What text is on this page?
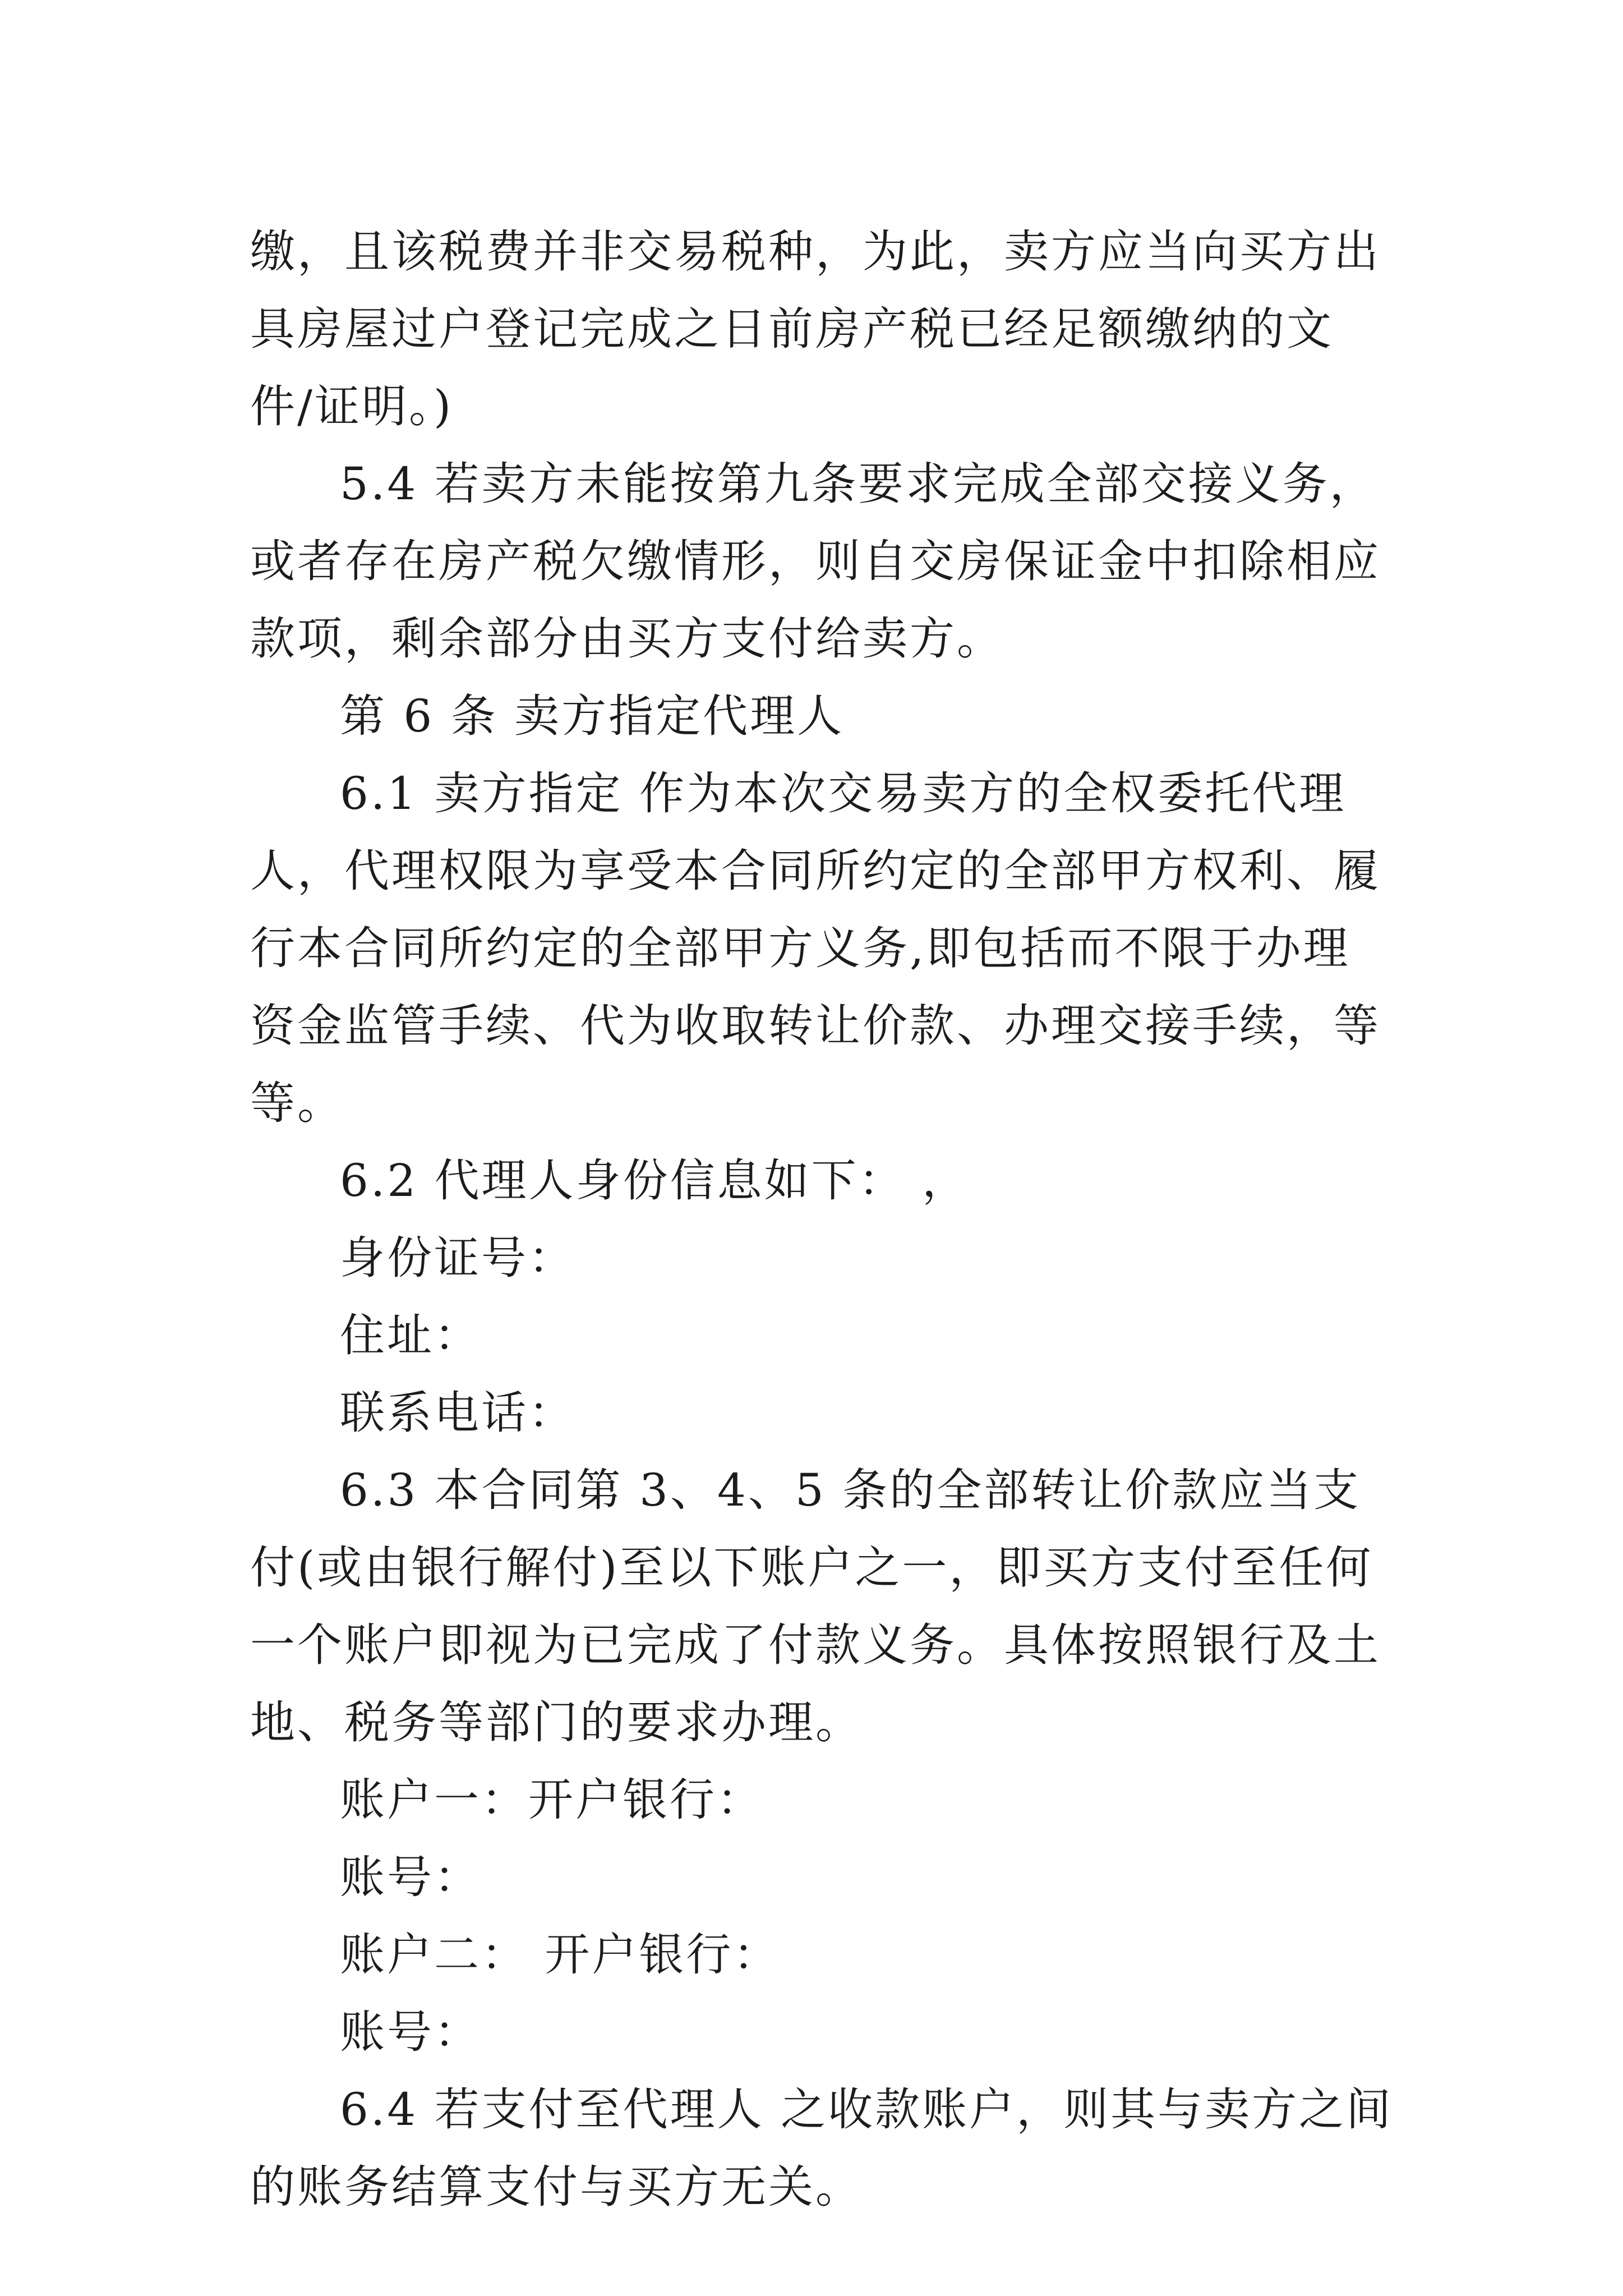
缴，且该税费并非交易税种，为此，卖方应当向买方出具房屋过户登记完成之日前房产税已经足额缴纳的文件/证明。)

5.4 若卖方未能按第九条要求完成全部交接义务，或者存在房产税欠缴情形，则自交房保证金中扣除相应款项，剩余部分由买方支付给卖方。

第 6 条 卖方指定代理人

6.1 卖方指定 作为本次交易卖方的全权委托代理人，代理权限为享受本合同所约定的全部甲方权利、履行本合同所约定的全部甲方义务,即包括而不限于办理资金监管手续、代为收取转让价款、办理交接手续，等等。

6.2 代理人身份信息如下： ，

身份证号：

住址：

联系电话：

6.3 本合同第 3、4、5 条的全部转让价款应当支付(或由银行解付)至以下账户之一，即买方支付至任何一个账户即视为已完成了付款义务。具体按照银行及土地、税务等部门的要求办理。

账户一：开户银行：

账号：

账户二： 开户银行：

账号：

6.4 若支付至代理人 之收款账户，则其与卖方之间的账务结算支付与买方无关。
